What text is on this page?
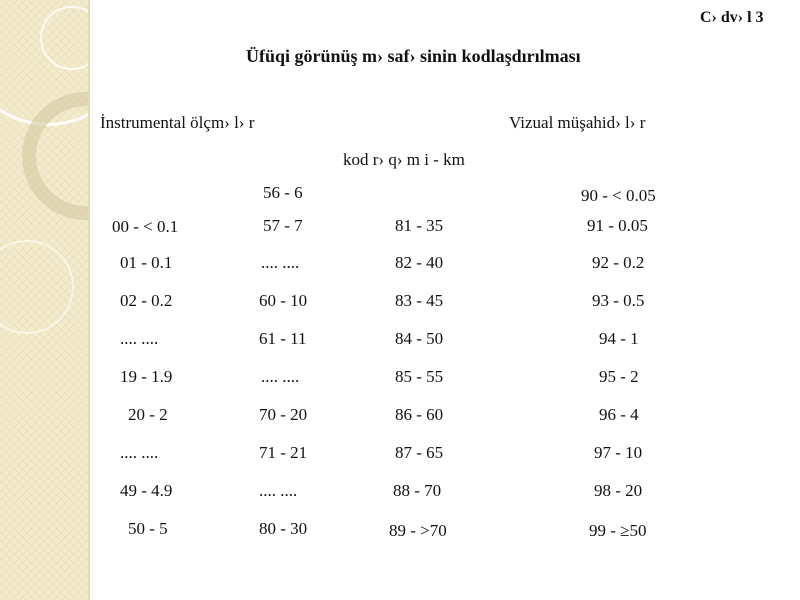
C› dv› l 3
Üfüqi görünüş m› saf› sinin kodlaşdırılması
İnstrumental ölçm› l› r	Vizual müşahid› l› r
kod r› q› m i - km
00 - < 0.1
01 - 0.1
02 - 0.2
.... ....
19 - 1.9
20 - 2
.... ....
49 - 4.9
50 - 5
56 - 6
57 - 7
.... ....
60 - 10
61 - 11
.... ....
70 - 20
71 - 21
.... ....
80 - 30
81 - 35
82 - 40
83 - 45
84 - 50
85 - 55
86 - 60
87 - 65
88 - 70
89 - >70
90 - < 0.05
91 - 0.05
92 - 0.2
93 - 0.5
94 - 1
95 - 2
96 - 4
97 - 10
98 - 20
99 - ≥50
